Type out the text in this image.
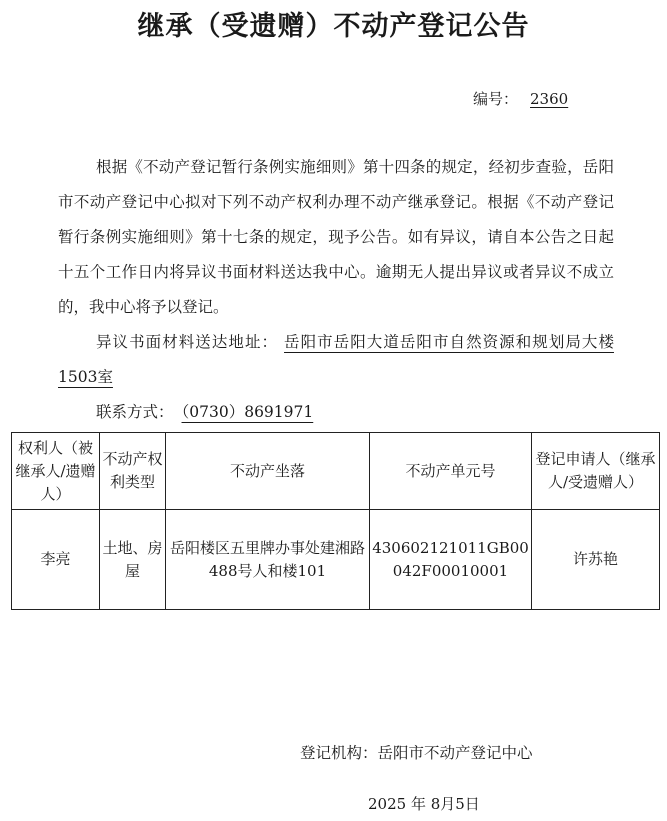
继承（受遗赠）不动产登记公告
编号： 2360

根据《不动产登记暂行条例实施细则》第十四条的规定，经初步查验，岳阳市不动产登记中心拟对下列不动产权利办理不动产继承登记。根据《不动产登记暂行条例实施细则》第十七条的规定，现予公告。如有异议，请自本公告之日起十五个工作日内将异议书面材料送达我中心。逾期无人提出异议或者异议不成立的，我中心将予以登记。

异议书面材料送达地址： 岳阳市岳阳大道岳阳市自然资源和规划局大楼1503室

联系方式： （0730）8691971

权利人（被继承人/遗赠人）	不动产权利类型	不动产坐落	不动产单元号	登记申请人（继承人/受遗赠人）
李亮	土地、房屋	岳阳楼区五里牌办事处建湘路488号人和楼101	430602121011GB00042F00010001	许苏艳
登记机构：岳阳市不动产登记中心
2025 年 8月5日
